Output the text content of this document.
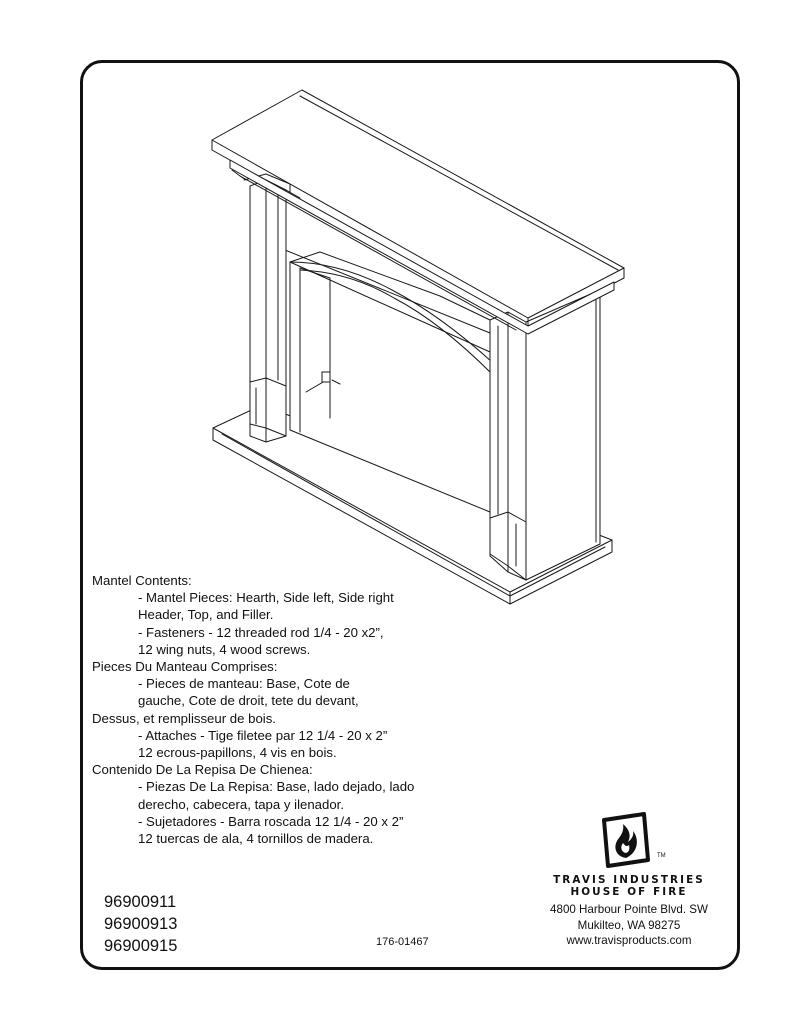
Mantel Contents:
- Mantel Pieces: Hearth, Side left, Side right
Header, Top, and Filler.
- Fasteners - 12 threaded rod 1/4 - 20 x2”,
12 wing nuts, 4 wood screws.
Pieces Du Manteau Comprises:
- Pieces de manteau: Base, Cote de
gauche, Cote de droit, tete du devant,
Dessus, et remplisseur de bois.
- Attaches - Tige filetee par 12 1/4 - 20 x 2”
12 ecrous-papillons, 4 vis en bois.
Contenido De La Repisa De Chienea:
- Piezas De La Repisa: Base, lado dejado, lado
derecho, cabecera, tapa y ilenador.
- Sujetadores - Barra roscada 12 1/4 - 20 x 2”
12 tuercas de ala, 4 tornillos de madera.
96900911
96900913
96900915	176-01467
TM
TRAVIS INDUSTRIES
HOUSE OF FIRE
4800 Harbour Pointe Blvd. SW
Mukilteo, WA 98275
www.travisproducts.com
